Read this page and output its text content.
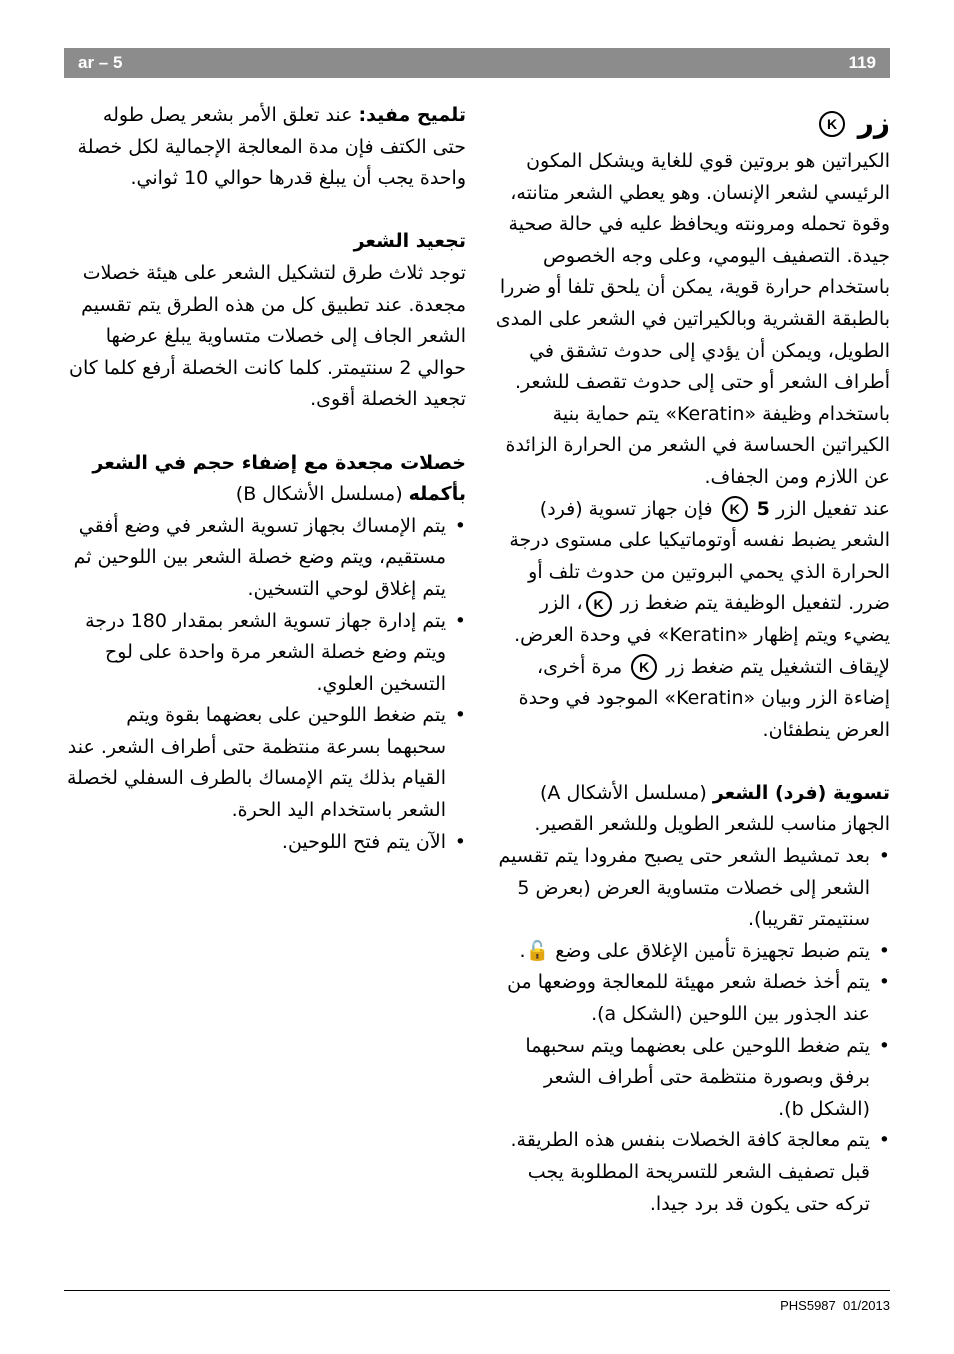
ar – 5	119
زر K

الكيراتين هو بروتين قوي للغاية ويشكل المكون الرئيسي لشعر الإنسان. وهو يعطي الشعر متانته، وقوة تحمله ومرونته ويحافظ عليه في حالة صحية جيدة. التصفيف اليومي، وعلى وجه الخصوص باستخدام حرارة قوية، يمكن أن يلحق تلفا أو ضررا بالطبقة القشرية وبالكيراتين في الشعر على المدى الطويل، ويمكن أن يؤدي إلى حدوث تشقق في أطراف الشعر أو حتى إلى حدوث تقصف للشعر.

باستخدام وظيفة «Keratin» يتم حماية بنية الكيراتين الحساسة في الشعر من الحرارة الزائدة عن اللازم ومن الجفاف.

عند تفعيل الزر 5 K فإن جهاز تسوية (فرد) الشعر يضبط نفسه أوتوماتيكيا على مستوى درجة الحرارة الذي يحمي البروتين من حدوث تلف أو ضرر. لتفعيل الوظيفة يتم ضغط زر K، الزر يضيء ويتم إظهار «Keratin» في وحدة العرض. لإيقاف التشغيل يتم ضغط زر K مرة أخرى، إضاءة الزر وبيان «Keratin» الموجود في وحدة العرض ينطفئان.

تسوية (فرد) الشعر (مسلسل الأشكال A)

الجهاز مناسب للشعر الطويل وللشعر القصير.

• بعد تمشيط الشعر حتى يصبح مفرودا يتم تقسيم الشعر إلى خصلات متساوية العرض (بعرض 5 سنتيمتر تقريبا).
• يتم ضبط تجهيزة تأمين الإغلاق على وضع 🔓.
• يتم أخذ خصلة شعر مهيئة للمعالجة ووضعها من عند الجذور بين اللوحين (الشكل a).
• يتم ضغط اللوحين على بعضهما ويتم سحبهما برفق وبصورة منتظمة حتى أطراف الشعر (الشكل b).
• يتم معالجة كافة الخصلات بنفس هذه الطريقة. قبل تصفيف الشعر للتسريحة المطلوبة يجب تركه حتى يكون قد برد جيدا.

تلميح مفيد: عند تعلق الأمر بشعر يصل طوله حتى الكتف فإن مدة المعالجة الإجمالية لكل خصلة واحدة يجب أن يبلغ قدرها حوالي 10 ثواني.

تجعيد الشعر

توجد ثلاث طرق لتشكيل الشعر على هيئة خصلات مجعدة. عند تطبيق كل من هذه الطرق يتم تقسيم الشعر الجاف إلى خصلات متساوية يبلغ عرضها حوالي 2 سنتيمتر. كلما كانت الخصلة أرفع كلما كان تجعيد الخصلة أقوى.

خصلات مجعدة مع إضفاء حجم في الشعر بأكمله (مسلسل الأشكال B)

• يتم الإمساك بجهاز تسوية الشعر في وضع أفقي مستقيم، ويتم وضع خصلة الشعر بين اللوحين ثم يتم إغلاق لوحي التسخين.
• يتم إدارة جهاز تسوية الشعر بمقدار 180 درجة ويتم وضع خصلة الشعر مرة واحدة على لوح التسخين العلوي.
• يتم ضغط اللوحين على بعضهما بقوة ويتم سحبهما بسرعة منتظمة حتى أطراف الشعر. عند القيام بذلك يتم الإمساك بالطرف السفلي لخصلة الشعر باستخدام اليد الحرة.
• الآن يتم فتح اللوحين.
PHS5987 01/2013
